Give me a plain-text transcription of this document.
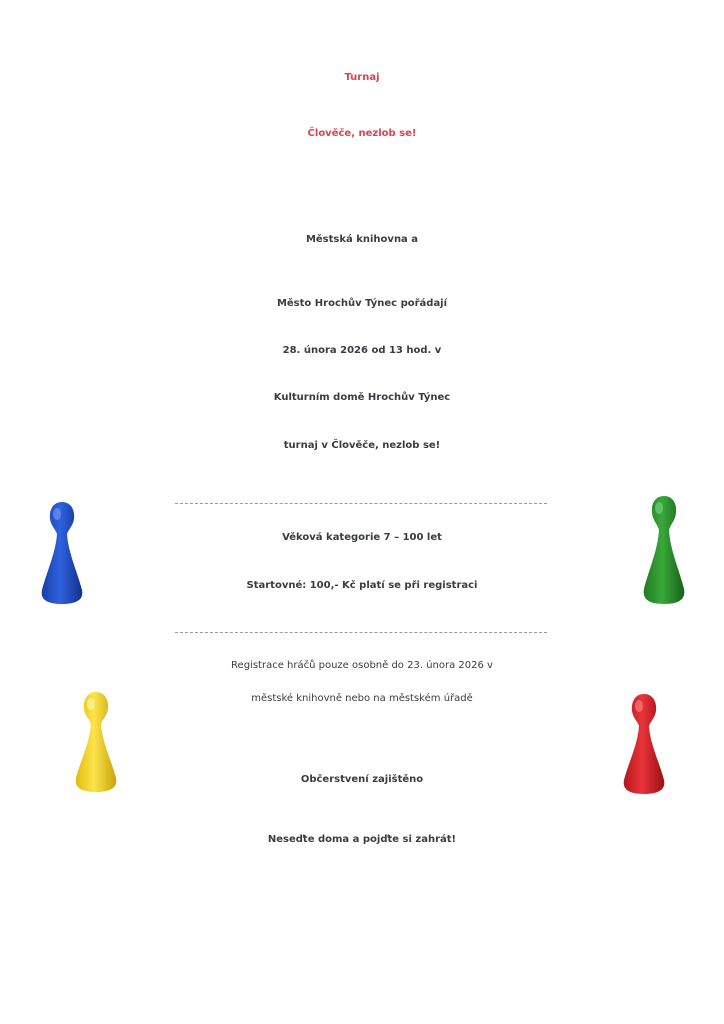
Turnaj
Člověče, nezlob se!
Městská knihovna a
Město Hrochův Týnec pořádají
28. února 2026 od 13 hod. v
Kulturním domě Hrochův Týnec
turnaj v Člověče, nezlob se!
Věková kategorie 7 – 100 let
Startovné: 100,- Kč platí se při registraci
Registrace hráčů pouze osobně do 23. února 2026 v
městské knihovně nebo na městském úřadě
Občerstvení zajištěno
Neseďte doma a pojďte si zahrát!
